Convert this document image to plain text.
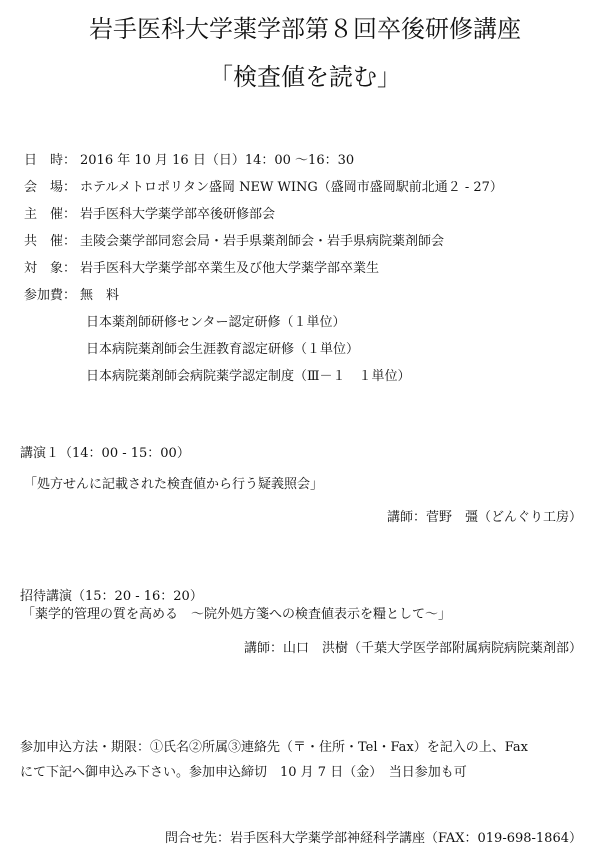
岩手医科大学薬学部第８回卒後研修講座
「検査値を読む」
日　時： 2016 年 10 月 16 日（日）14：00 〜16：30
会　場： ホテルメトロポリタン盛岡 NEW WING（盛岡市盛岡駅前北通２ - 27）
主　催： 岩手医科大学薬学部卒後研修部会
共　催： 圭陵会薬学部同窓会局・岩手県薬剤師会・岩手県病院薬剤師会
対　象： 岩手医科大学薬学部卒業生及び他大学薬学部卒業生
参加費： 無　料
日本薬剤師研修センター認定研修（１単位）
日本病院薬剤師会生涯教育認定研修（１単位）
日本病院薬剤師会病院薬学認定制度（Ⅲ－１　１単位）
講演１（14：00 - 15：00）
「処方せんに記載された検査値から行う疑義照会」
講師：菅野　彊（どんぐり工房）
招待講演（15：20 - 16：20）
「薬学的管理の質を高める　〜院外処方箋への検査値表示を糧として〜」
講師：山口　洪樹（千葉大学医学部附属病院病院薬剤部）
参加申込方法・期限：①氏名②所属③連絡先（〒・住所・Tel・Fax）を記入の上、Fax
にて下記へ御申込み下さい。参加申込締切　10 月 7 日（金）　当日参加も可
問合せ先：岩手医科大学薬学部神経科学講座（FAX：019-698-1864）
